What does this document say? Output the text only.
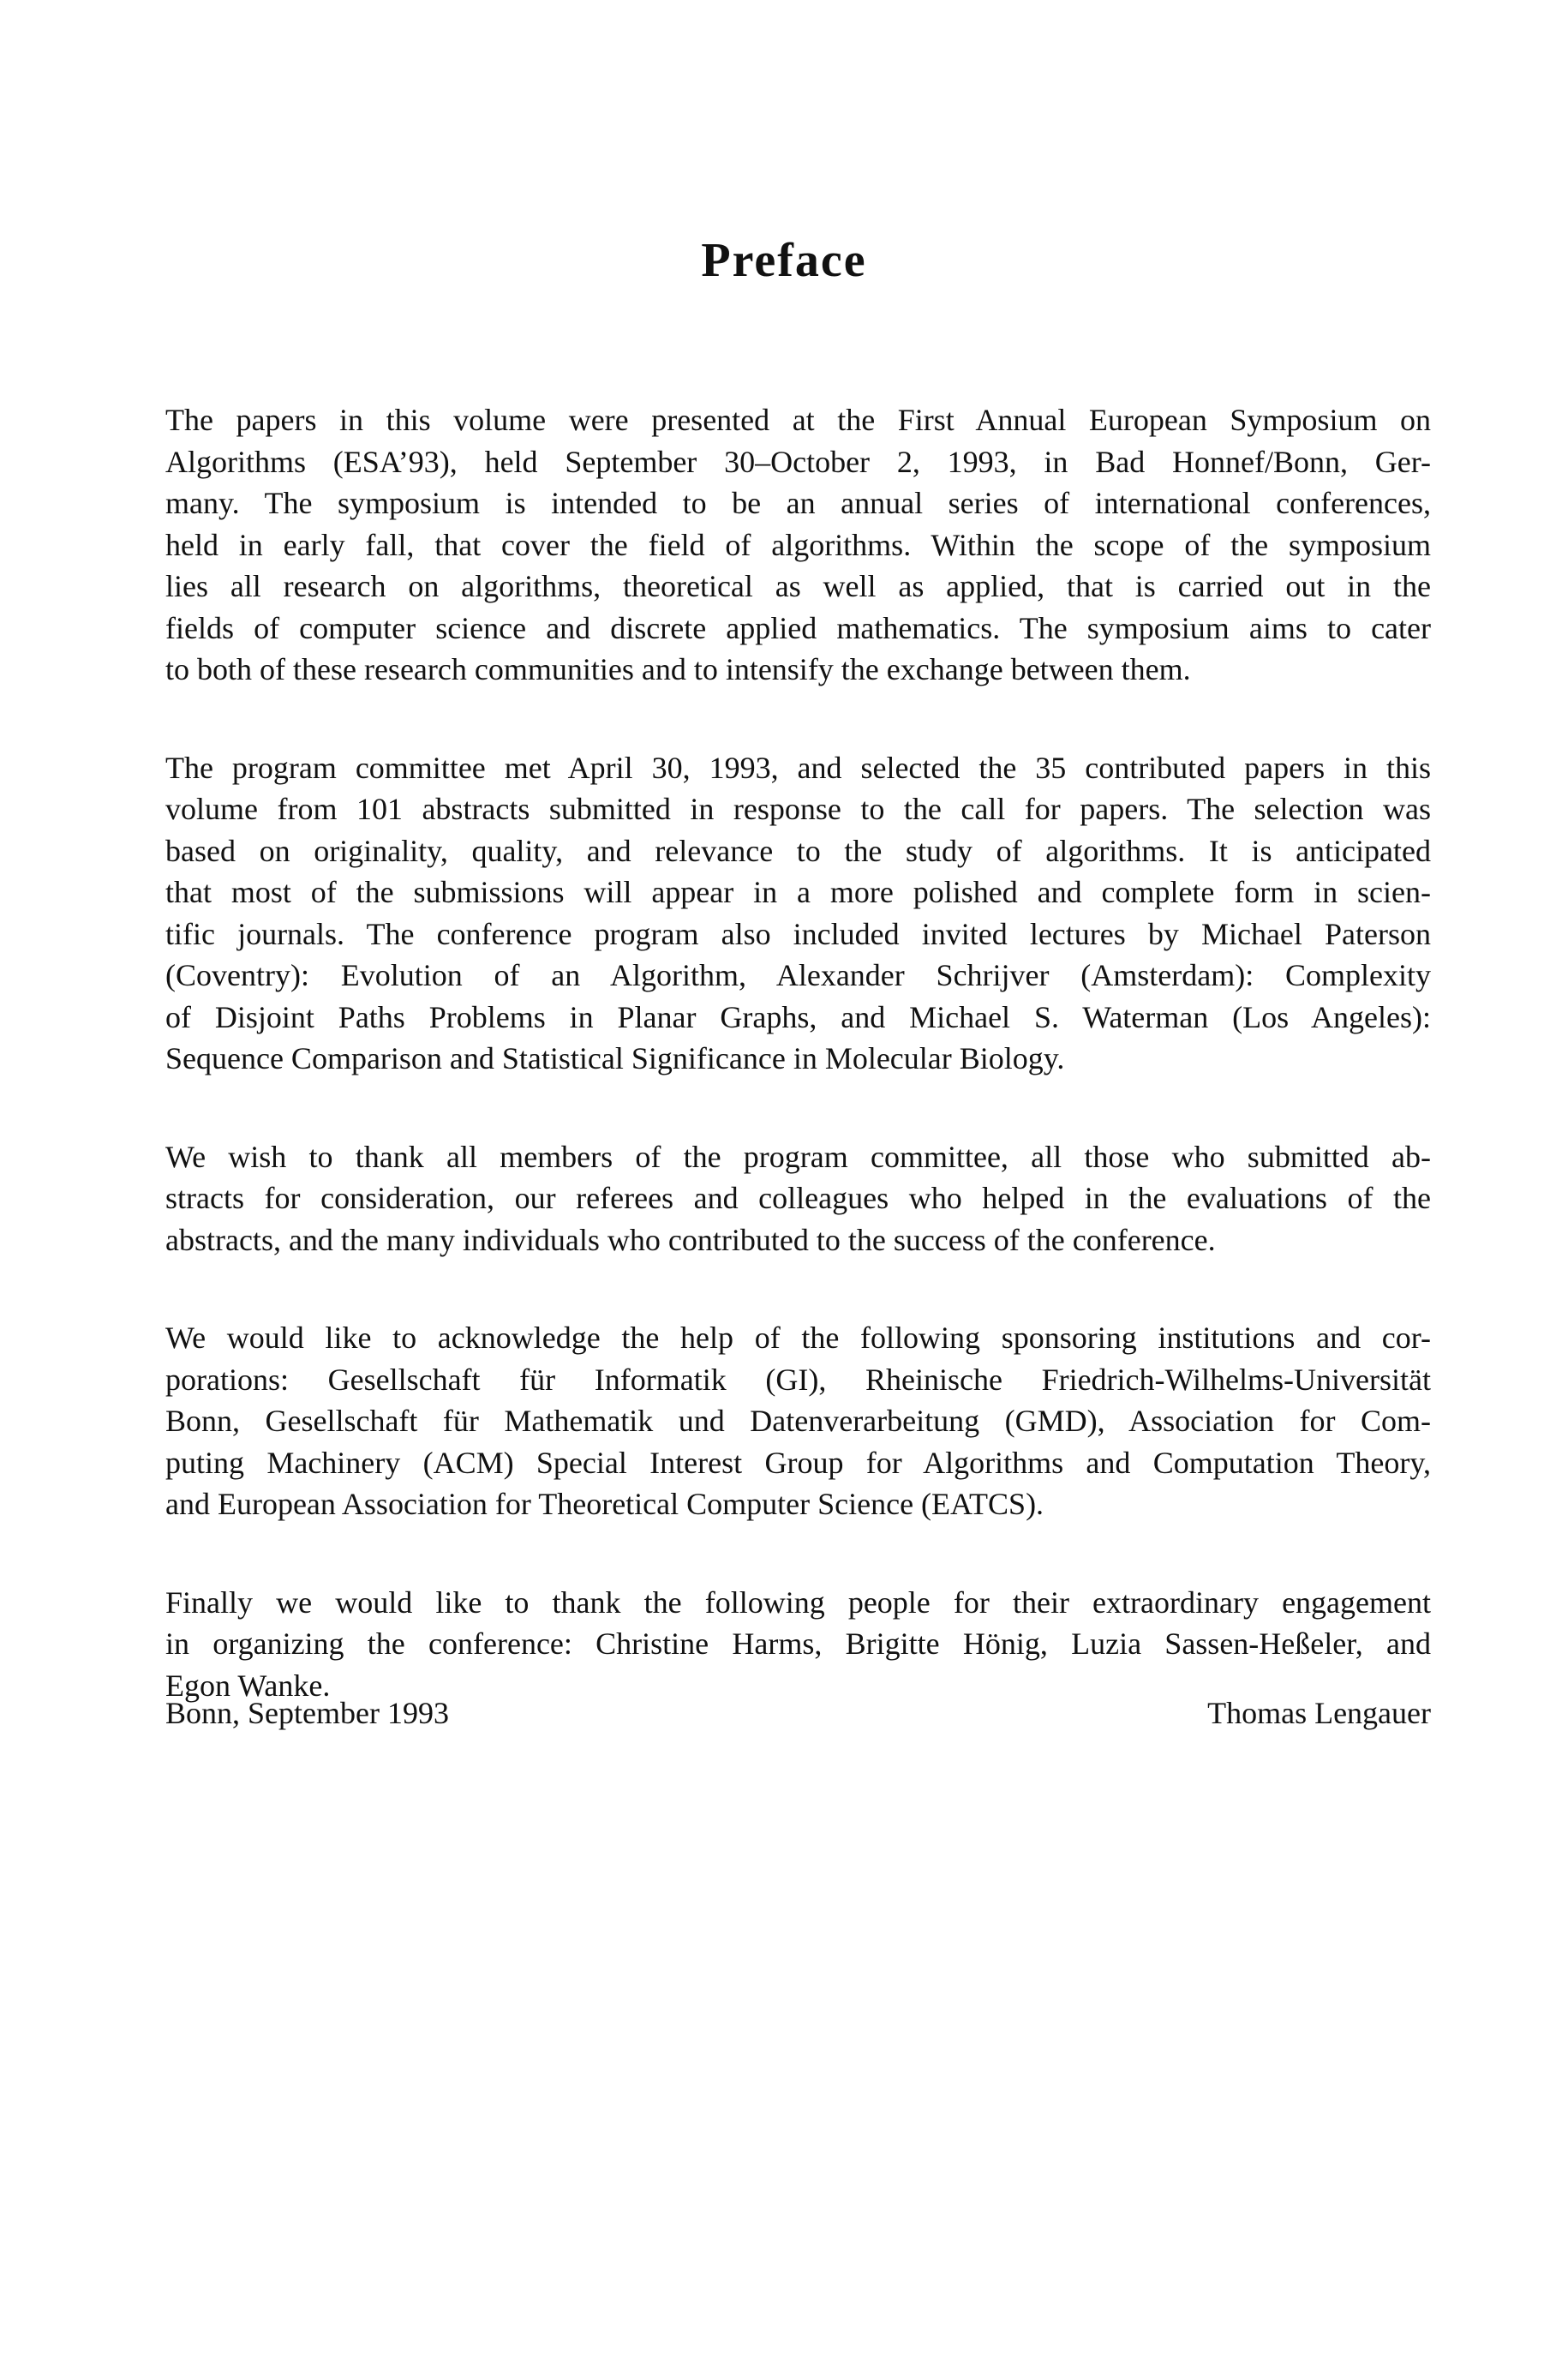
Preface

The papers in this volume were presented at the First Annual European Symposium on
Algorithms (ESA’93), held September 30–October 2, 1993, in Bad Honnef/Bonn, Ger-
many. The symposium is intended to be an annual series of international conferences,
held in early fall, that cover the field of algorithms. Within the scope of the symposium
lies all research on algorithms, theoretical as well as applied, that is carried out in the
fields of computer science and discrete applied mathematics. The symposium aims to cater
to both of these research communities and to intensify the exchange between them.

The program committee met April 30, 1993, and selected the 35 contributed papers in this
volume from 101 abstracts submitted in response to the call for papers. The selection was
based on originality, quality, and relevance to the study of algorithms. It is anticipated
that most of the submissions will appear in a more polished and complete form in scien-
tific journals. The conference program also included invited lectures by Michael Paterson
(Coventry): Evolution of an Algorithm, Alexander Schrijver (Amsterdam): Complexity
of Disjoint Paths Problems in Planar Graphs, and Michael S. Waterman (Los Angeles):
Sequence Comparison and Statistical Significance in Molecular Biology.

We wish to thank all members of the program committee, all those who submitted ab-
stracts for consideration, our referees and colleagues who helped in the evaluations of the
abstracts, and the many individuals who contributed to the success of the conference.

We would like to acknowledge the help of the following sponsoring institutions and cor-
porations: Gesellschaft für Informatik (GI), Rheinische Friedrich-Wilhelms-Universität
Bonn, Gesellschaft für Mathematik und Datenverarbeitung (GMD), Association for Com-
puting Machinery (ACM) Special Interest Group for Algorithms and Computation Theory,
and European Association for Theoretical Computer Science (EATCS).

Finally we would like to thank the following people for their extraordinary engagement
in organizing the conference: Christine Harms, Brigitte Hönig, Luzia Sassen-Heßeler, and
Egon Wanke.

Bonn, September 1993	Thomas Lengauer
